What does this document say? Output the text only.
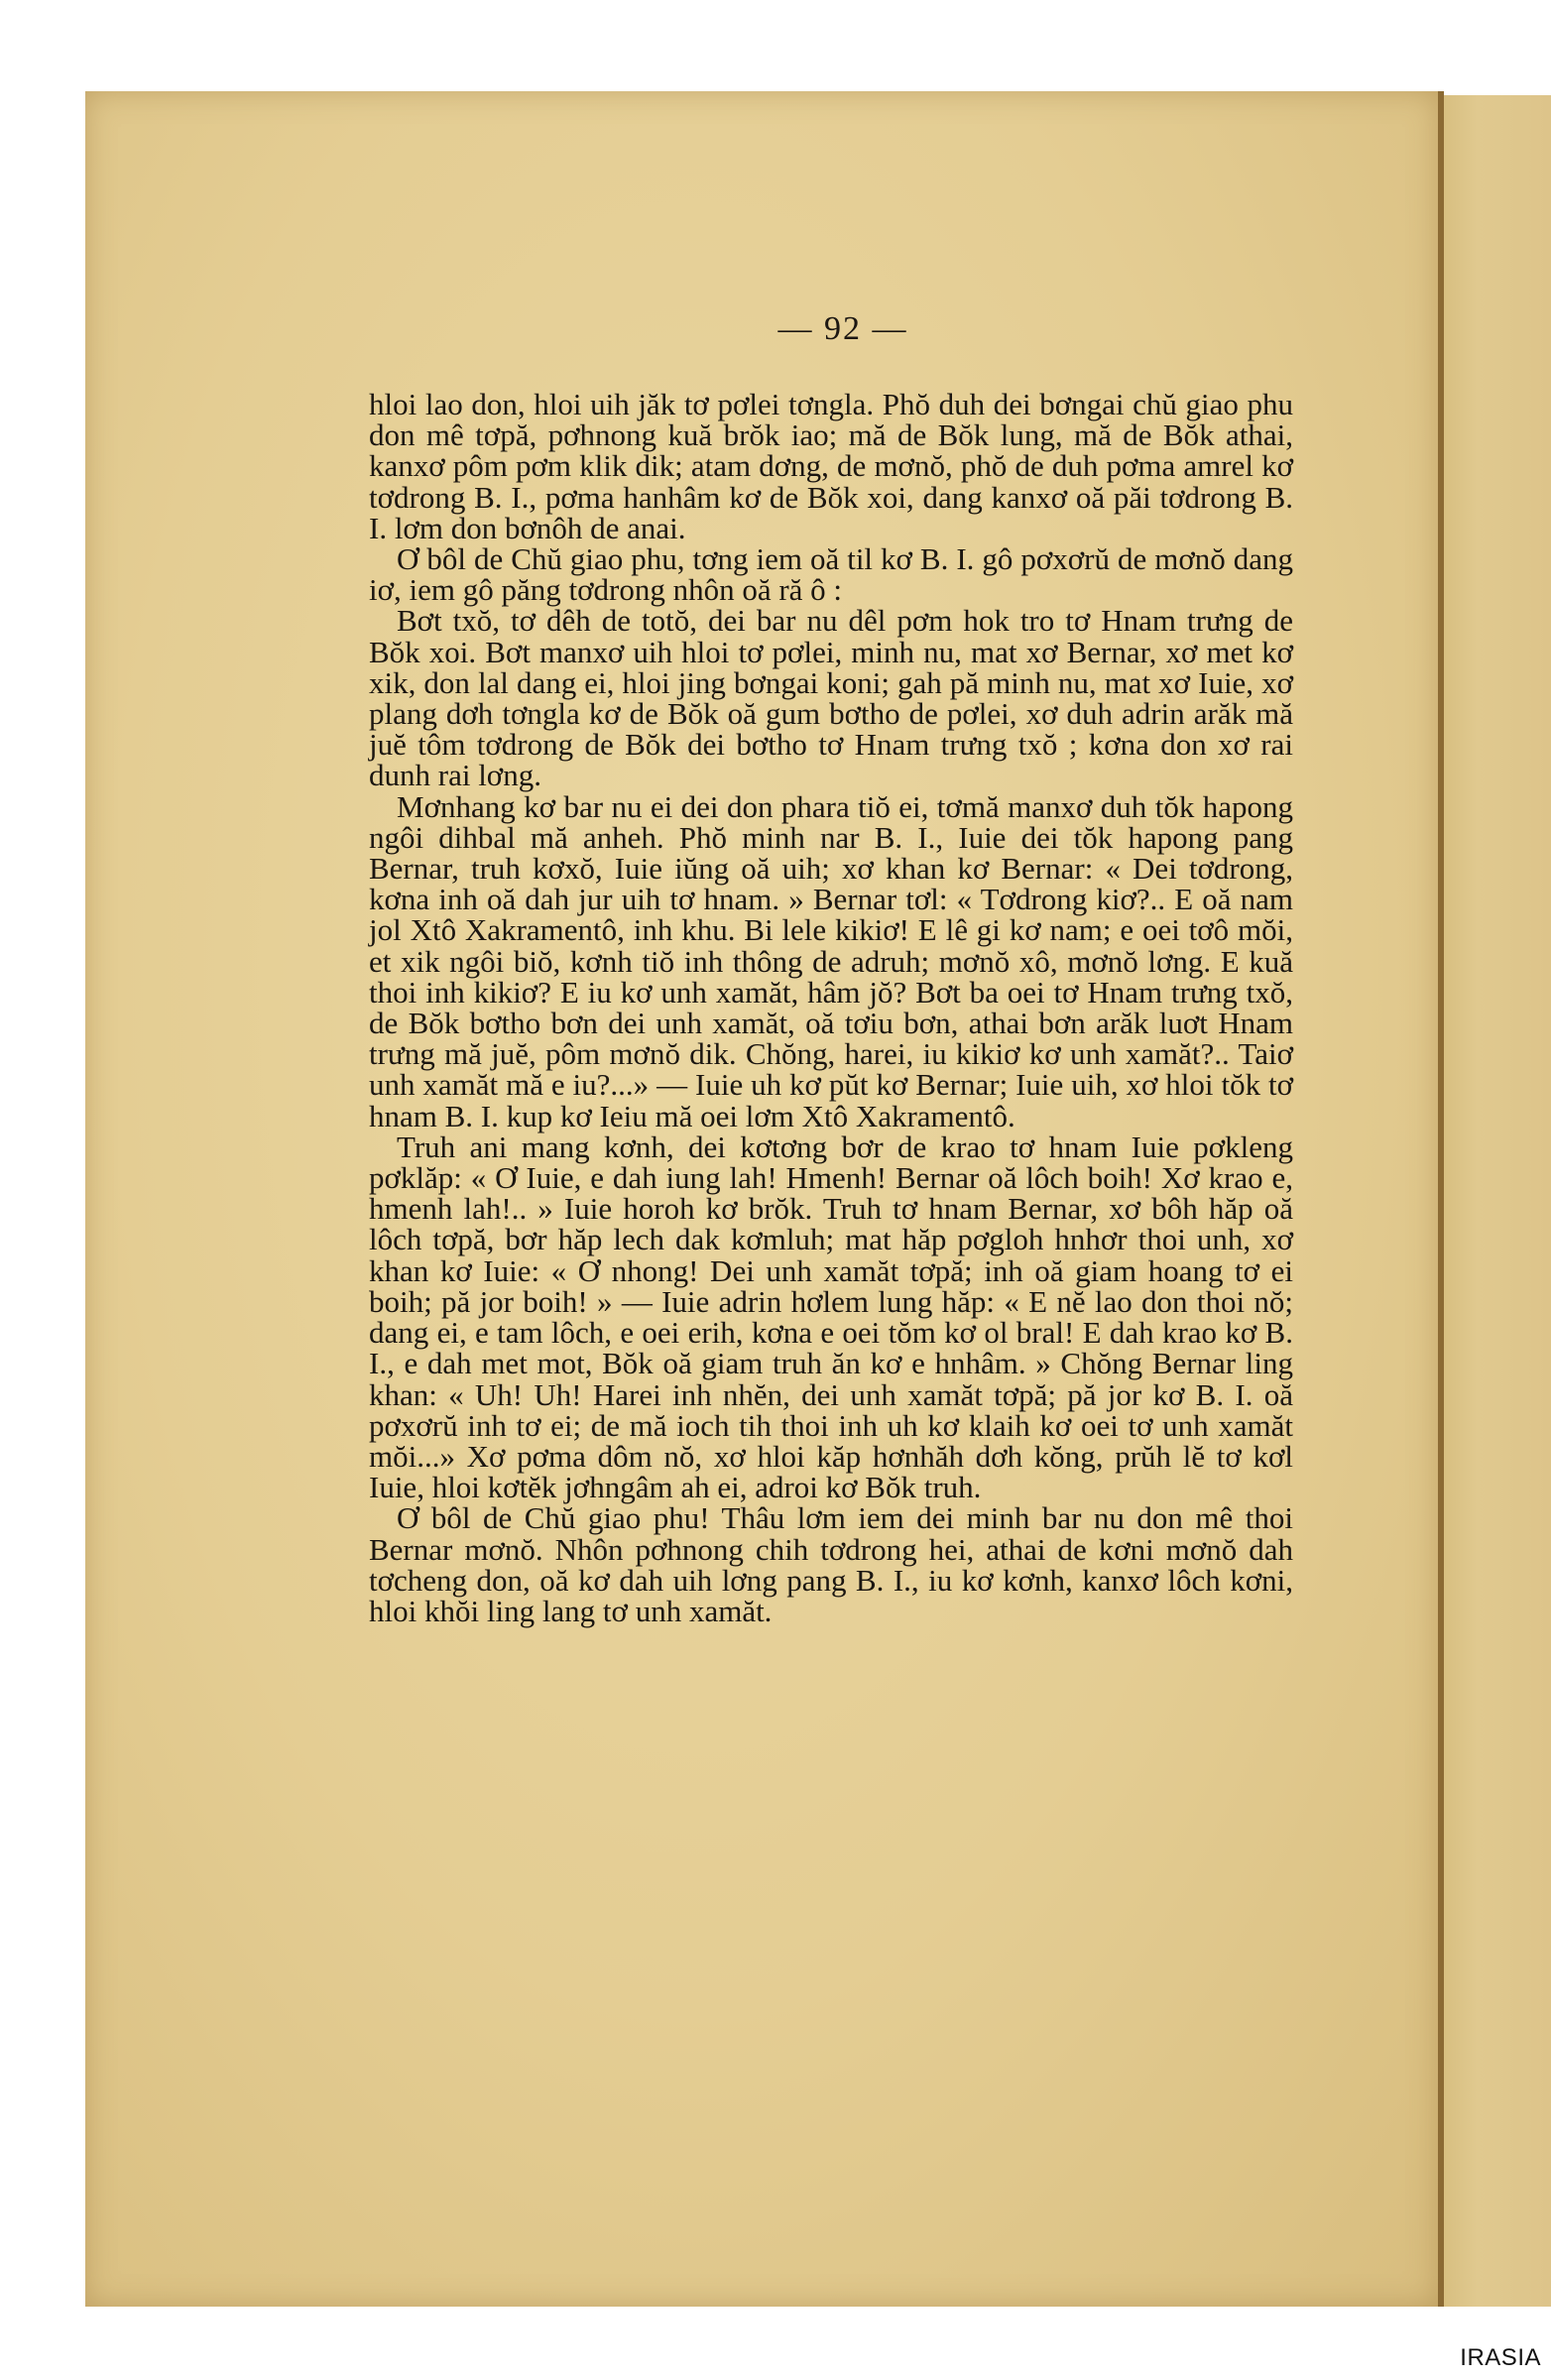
— 92 —

hloi lao don, hloi uih jăk tơ pơlei tơngla. Phŏ duh dei bơngai chŭ giao phu don mê tơpă, pơhnong kuă brŏk iao; mă de Bŏk lung, mă de Bŏk athai, kanxơ pôm pơm klik dik; atam dơng, de mơnŏ, phŏ de duh pơma amrel kơ tơdrong B. I., pơma hanhâm kơ de Bŏk xoi, dang kanxơ oă păi tơdrong B. I. lơm don bơnôh de anai.

Ơ bôl de Chŭ giao phu, tơng iem oă til kơ B. I. gô pơxơrŭ de mơnŏ dang iơ, iem gô păng tơdrong nhôn oă ră ô :

Bơt txŏ, tơ dêh de totŏ, dei bar nu dêl pơm hok tro tơ Hnam trưng de Bŏk xoi. Bơt manxơ uih hloi tơ pơlei, minh nu, mat xơ Bernar, xơ met kơ xik, don lal dang ei, hloi jing bơngai koni; gah pă minh nu, mat xơ Iuie, xơ plang dơh tơngla kơ de Bŏk oă gum bơtho de pơlei, xơ duh adrin arăk mă juĕ tôm tơdrong de Bŏk dei bơtho tơ Hnam trưng txŏ ; kơna don xơ rai dunh rai lơng.

Mơnhang kơ bar nu ei dei don phara tiŏ ei, tơmă manxơ duh tŏk hapong ngôi dihbal mă anheh. Phŏ minh nar B. I., Iuie dei tŏk hapong pang Bernar, truh kơxŏ, Iuie iŭng oă uih; xơ khan kơ Bernar: « Dei tơdrong, kơna inh oă dah jur uih tơ hnam. » Bernar tơl: « Tơdrong kiơ?.. E oă nam jol Xtô Xakramentô, inh khu. Bi lele kikiơ! E lê gi kơ nam; e oei tơô mŏi, et xik ngôi biŏ, kơnh tiŏ inh thông de adruh; mơnŏ xô, mơnŏ lơng. E kuă thoi inh kikiơ? E iu kơ unh xamăt, hâm jŏ? Bơt ba oei tơ Hnam trưng txŏ, de Bŏk bơtho bơn dei unh xamăt, oă tơiu bơn, athai bơn arăk luơt Hnam trưng mă juĕ, pôm mơnŏ dik. Chŏng, harei, iu kikiơ kơ unh xamăt?.. Taiơ unh xamăt mă e iu?...» — Iuie uh kơ pŭt kơ Bernar; Iuie uih, xơ hloi tŏk tơ hnam B. I. kup kơ Ieiu mă oei lơm Xtô Xakramentô.

Truh ani mang kơnh, dei kơtơng bơr de krao tơ hnam Iuie pơkleng pơklăp: « Ơ Iuie, e dah iung lah! Hmenh! Bernar oă lôch boih! Xơ krao e, hmenh lah!.. » Iuie horoh kơ brŏk. Truh tơ hnam Bernar, xơ bôh hăp oă lôch tơpă, bơr hăp lech dak kơmluh; mat hăp pơgloh hnhơr thoi unh, xơ khan kơ Iuie: « Ơ nhong! Dei unh xamăt tơpă; inh oă giam hoang tơ ei boih; pă jor boih! » — Iuie adrin hơlem lung hăp: « E nĕ lao don thoi nŏ; dang ei, e tam lôch, e oei erih, kơna e oei tŏm kơ ol bral! E dah krao kơ B. I., e dah met mot, Bŏk oă giam truh ăn kơ e hnhâm. » Chŏng Bernar ling khan: « Uh! Uh! Harei inh nhĕn, dei unh xamăt tơpă; pă jor kơ B. I. oă pơxơrŭ inh tơ ei; de mă ioch tih thoi inh uh kơ klaih kơ oei tơ unh xamăt mŏi...» Xơ pơma dôm nŏ, xơ hloi kăp hơnhăh dơh kŏng, prŭh lĕ tơ kơl Iuie, hloi kơtĕk jơhngâm ah ei, adroi kơ Bŏk truh.

Ơ bôl de Chŭ giao phu! Thâu lơm iem dei minh bar nu don mê thoi Bernar mơnŏ. Nhôn pơhnong chih tơdrong hei, athai de kơni mơnŏ dah tơcheng don, oă kơ dah uih lơng pang B. I., iu kơ kơnh, kanxơ lôch kơni, hloi khŏi ling lang tơ unh xamăt.

IRASIA
